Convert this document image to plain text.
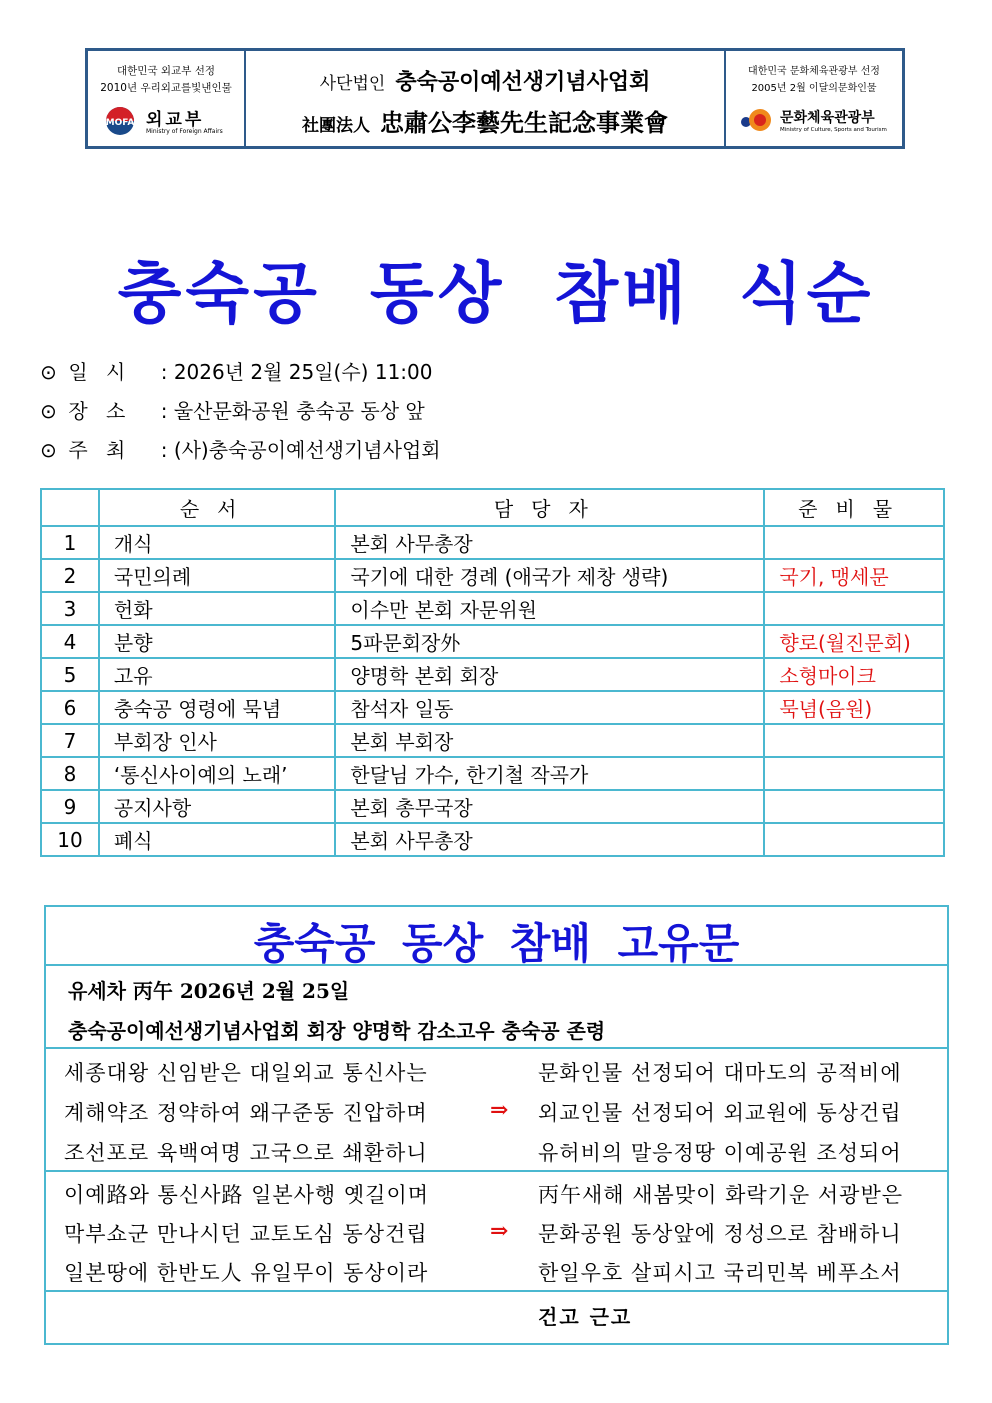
대한민국 외교부 선정
2010년 우리외교를빛낸인물
MOFA 외교부
Ministry of Foreign Affairs
사단법인 충숙공이예선생기념사업회
社團法人 忠肅公李藝先生記念事業會
대한민국 문화체육관광부 선정
2005년 2월 이달의문화인물
문화체육관광부
Ministry of Culture, Sports and Tourism
충숙공 동상 참배 식순
⊙ 일 시 : 2026년 2월 25일(수) 11:00
⊙ 장 소 : 울산문화공원 충숙공 동상 앞
⊙ 주 최 : (사)충숙공이예선생기념사업회
	순서	담당자	준비물
1	개식	본회 사무총장	
2	국민의례	국기에 대한 경례 (애국가 제창 생략)	국기, 맹세문
3	헌화	이수만 본회 자문위원	
4	분향	5파문회장外	향로(월진문회)
5	고유	양명학 본회 회장	소형마이크
6	충숙공 영령에 묵념	참석자 일동	묵념(음원)
7	부회장 인사	본회 부회장	
8	‘통신사이예의 노래’	한달님 가수, 한기철 작곡가	
9	공지사항	본회 총무국장	
10	폐식	본회 사무총장	
충숙공 동상 참배 고유문
유세차 丙午 2026년 2월 25일
충숙공이예선생기념사업회 회장 양명학 감소고우 충숙공 존령
세종대왕 신임받은 대일외교 통신사는
계해약조 정약하여 왜구준동 진압하며
조선포로 육백여명 고국으로 쇄환하니
⇒
문화인물 선정되어 대마도의 공적비에
외교인물 선정되어 외교원에 동상건립
유허비의 말응정땅 이예공원 조성되어
이예路와 통신사路 일본사행 옛길이며
막부쇼군 만나시던 교토도심 동상건립
일본땅에 한반도人 유일무이 동상이라
⇒
丙午새해 새봄맞이 화락기운 서광받은
문화공원 동상앞에 정성으로 참배하니
한일우호 살피시고 국리민복 베푸소서
건고 근고
